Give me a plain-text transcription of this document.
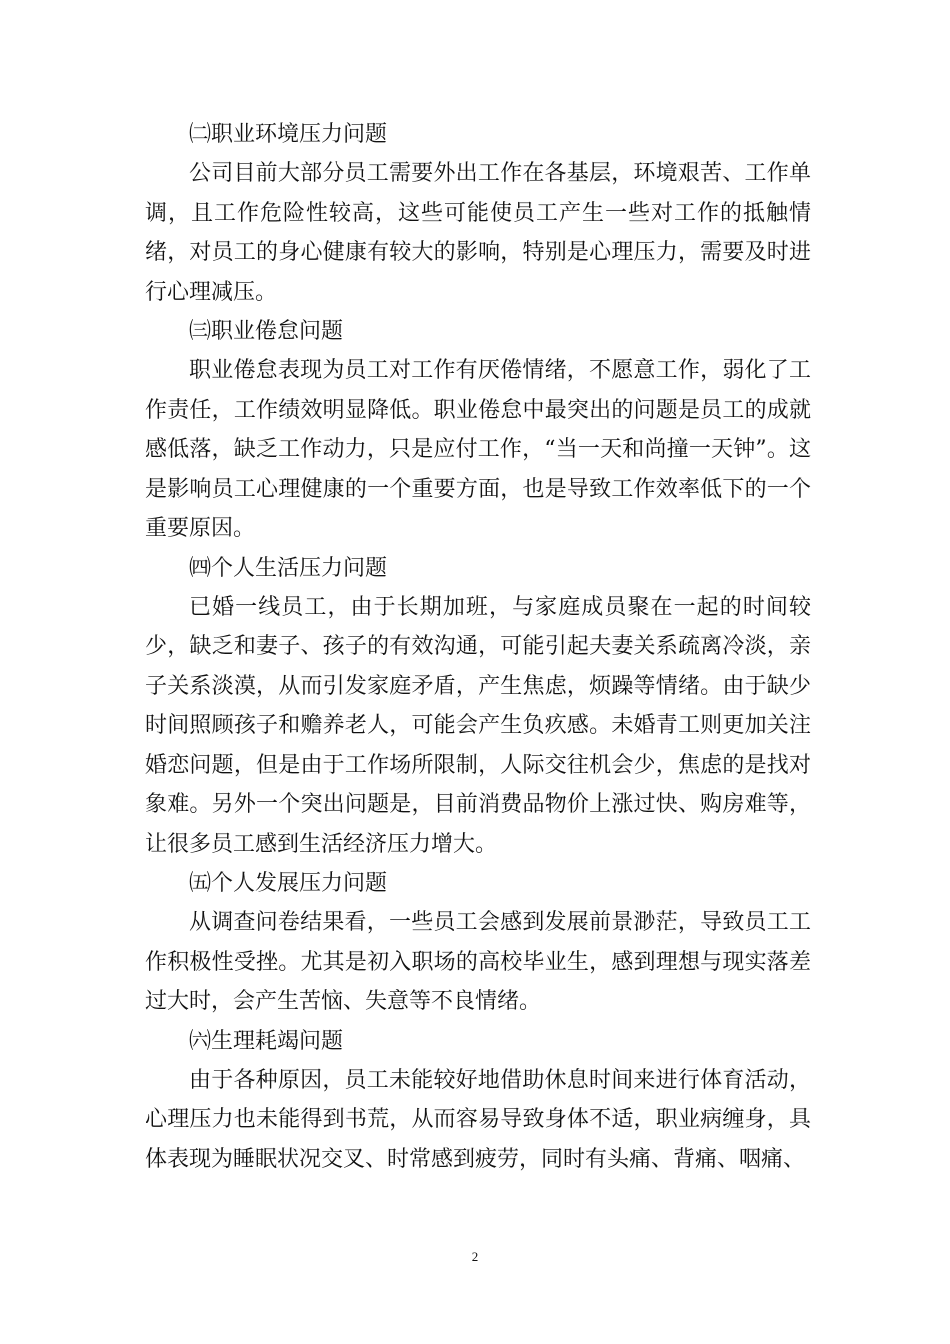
㈡职业环境压力问题

公司目前大部分员工需要外出工作在各基层，环境艰苦、工作单调，且工作危险性较高，这些可能使员工产生一些对工作的抵触情绪，对员工的身心健康有较大的影响，特别是心理压力，需要及时进行心理减压。

㈢职业倦怠问题

职业倦怠表现为员工对工作有厌倦情绪，不愿意工作，弱化了工作责任，工作绩效明显降低。职业倦怠中最突出的问题是员工的成就感低落，缺乏工作动力，只是应付工作，“当一天和尚撞一天钟”。这是影响员工心理健康的一个重要方面，也是导致工作效率低下的一个重要原因。

㈣个人生活压力问题

已婚一线员工，由于长期加班，与家庭成员聚在一起的时间较少，缺乏和妻子、孩子的有效沟通，可能引起夫妻关系疏离冷淡，亲子关系淡漠，从而引发家庭矛盾，产生焦虑，烦躁等情绪。由于缺少时间照顾孩子和赡养老人，可能会产生负疚感。未婚青工则更加关注婚恋问题，但是由于工作场所限制，人际交往机会少，焦虑的是找对象难。另外一个突出问题是，目前消费品物价上涨过快、购房难等，让很多员工感到生活经济压力增大。

㈤个人发展压力问题

从调查问卷结果看，一些员工会感到发展前景渺茫，导致员工工作积极性受挫。尤其是初入职场的高校毕业生，感到理想与现实落差过大时，会产生苦恼、失意等不良情绪。

㈥生理耗竭问题

由于各种原因，员工未能较好地借助休息时间来进行体育活动，心理压力也未能得到书荒，从而容易导致身体不适，职业病缠身，具体表现为睡眠状况交叉、时常感到疲劳，同时有头痛、背痛、咽痛、

2
